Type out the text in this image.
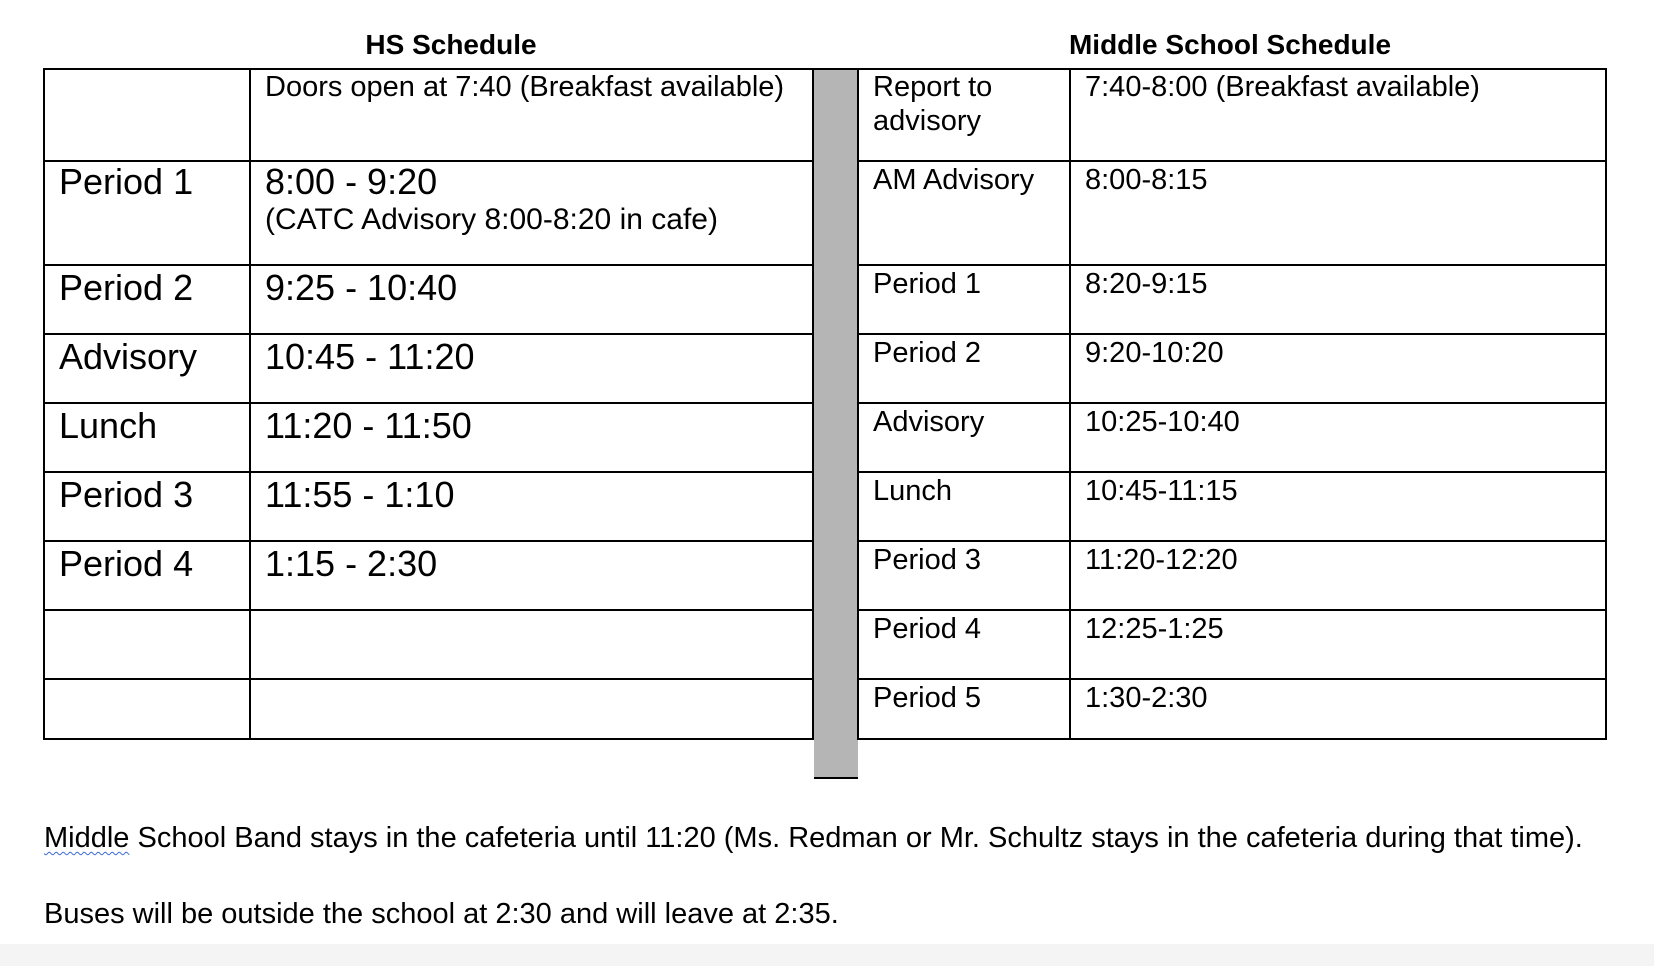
HS Schedule	Middle School Schedule
	Doors open at 7:40 (Breakfast available)
Period 1	8:00 - 9:20
(CATC Advisory 8:00-8:20 in cafe)

Period 2	9:25 - 10:40
Advisory	10:45 - 11:20
Lunch	11:20 - 11:50
Period 3	11:55 - 1:10
Period 4	1:15 - 2:30

Report to advisory	7:40-8:00 (Breakfast available)
AM Advisory	8:00-8:15
Period 1	8:20-9:15
Period 2	9:20-10:20
Advisory	10:25-10:40
Lunch	10:45-11:15
Period 3	11:20-12:20
Period 4	12:25-1:25
Period 5	1:30-2:30
Middle School Band stays in the cafeteria until 11:20 (Ms. Redman or Mr. Schultz stays in the cafeteria during that time).
Buses will be outside the school at 2:30 and will leave at 2:35.
